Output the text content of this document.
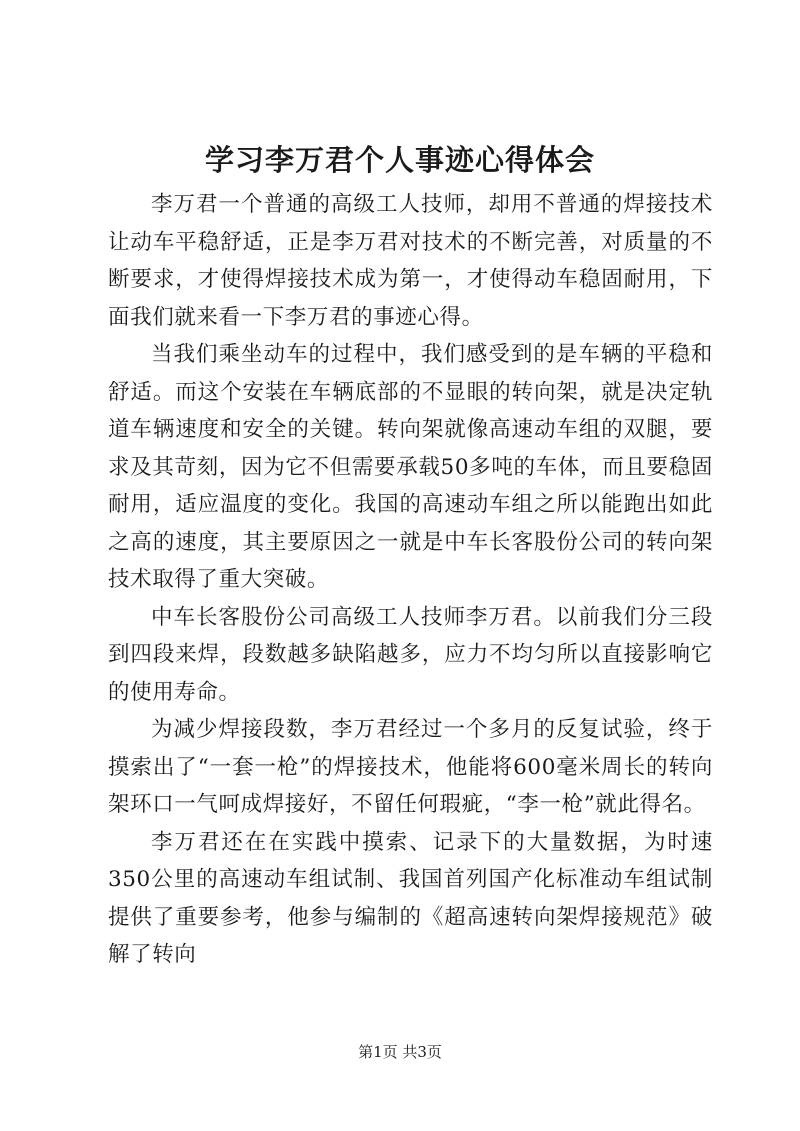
学习李万君个人事迹心得体会

李万君一个普通的高级工人技师，却用不普通的焊接技术让动车平稳舒适，正是李万君对技术的不断完善，对质量的不断要求，才使得焊接技术成为第一，才使得动车稳固耐用，下面我们就来看一下李万君的事迹心得。

当我们乘坐动车的过程中，我们感受到的是车辆的平稳和舒适。而这个安装在车辆底部的不显眼的转向架，就是决定轨道车辆速度和安全的关键。转向架就像高速动车组的双腿，要求及其苛刻，因为它不但需要承载50多吨的车体，而且要稳固耐用，适应温度的变化。我国的高速动车组之所以能跑出如此之高的速度，其主要原因之一就是中车长客股份公司的转向架技术取得了重大突破。

中车长客股份公司高级工人技师李万君。以前我们分三段到四段来焊，段数越多缺陷越多，应力不均匀所以直接影响它的使用寿命。

为减少焊接段数，李万君经过一个多月的反复试验，终于摸索出了“一套一枪”的焊接技术，他能将600毫米周长的转向架环口一气呵成焊接好，不留任何瑕疵，“李一枪”就此得名。

李万君还在在实践中摸索、记录下的大量数据，为时速350公里的高速动车组试制、我国首列国产化标准动车组试制提供了重要参考，他参与编制的《超高速转向架焊接规范》破解了转向

第1页 共3页
